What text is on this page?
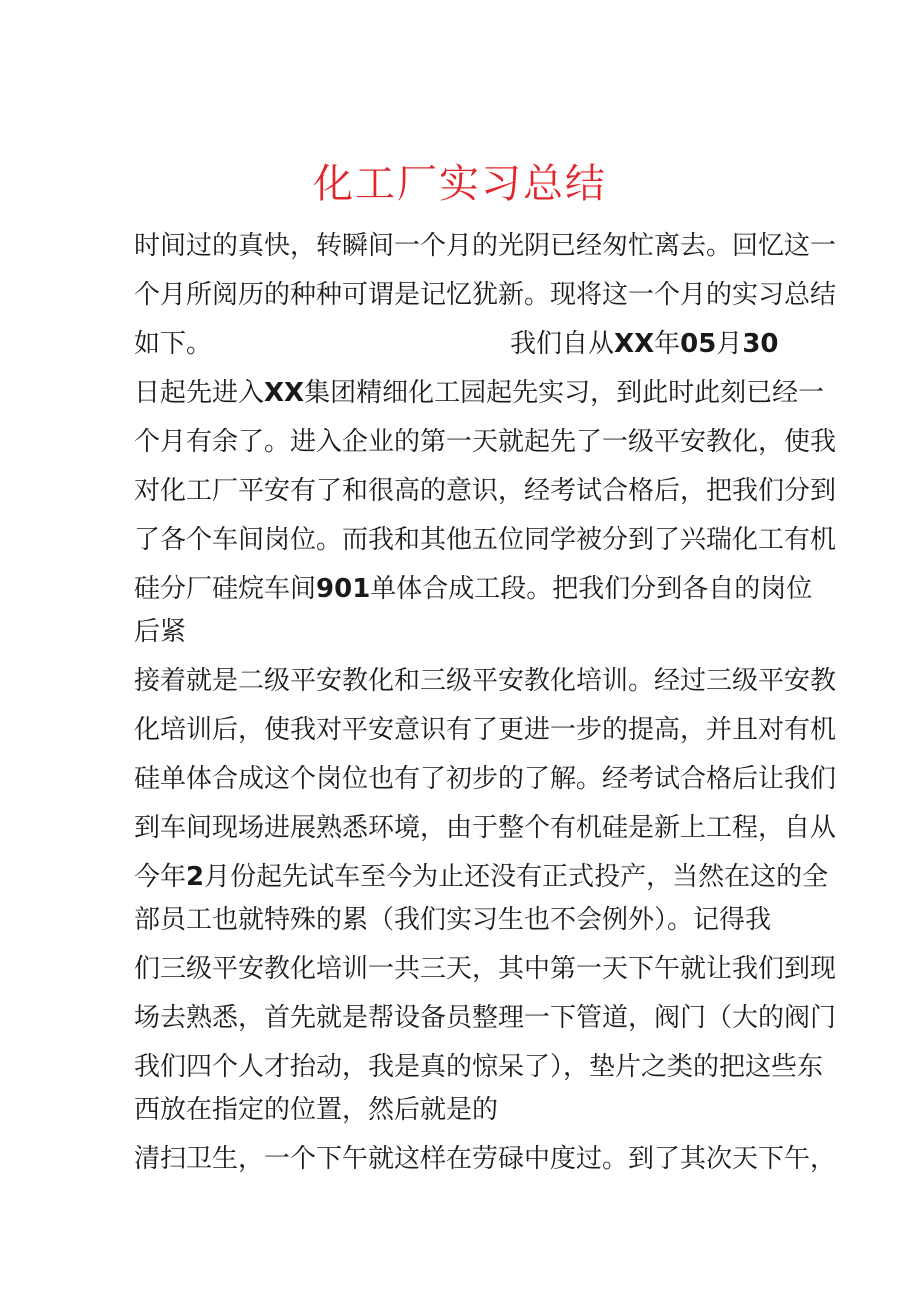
化工厂实习总结

时间过的真快，转瞬间一个月的光阴已经匆忙离去。回忆这一

个月所阅历的种种可谓是记忆犹新。现将这一个月的实习总结

如下。	我们自从XX年05月30

日起先进入XX集团精细化工园起先实习，到此时此刻已经一

个月有余了。进入企业的第一天就起先了一级平安教化，使我

对化工厂平安有了和很高的意识，经考试合格后，把我们分到

了各个车间岗位。而我和其他五位同学被分到了兴瑞化工有机

硅分厂硅烷车间901单体合成工段。把我们分到各自的岗位

后紧

接着就是二级平安教化和三级平安教化培训。经过三级平安教

化培训后，使我对平安意识有了更进一步的提高，并且对有机

硅单体合成这个岗位也有了初步的了解。经考试合格后让我们

到车间现场进展熟悉环境，由于整个有机硅是新上工程，自从

今年2月份起先试车至今为止还没有正式投产，当然在这的全

部员工也就特殊的累（我们实习生也不会例外）。记得我

们三级平安教化培训一共三天，其中第一天下午就让我们到现

场去熟悉，首先就是帮设备员整理一下管道，阀门（大的阀门

我们四个人才抬动，我是真的惊呆了），垫片之类的把这些东

西放在指定的位置，然后就是的

清扫卫生，一个下午就这样在劳碌中度过。到了其次天下午，
